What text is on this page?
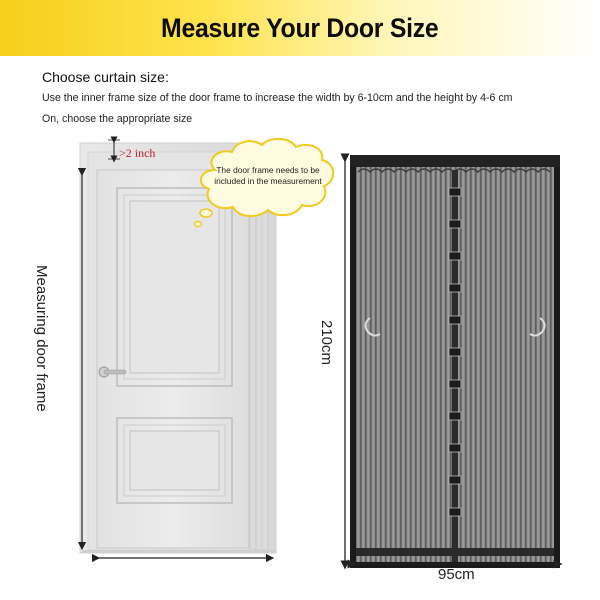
Measure Your Door Size
Choose curtain size:
Use the inner frame size of the door frame to increase the width by 6-10cm and the height by 4-6 cm
On, choose the appropriate size
Measuring door frame
>2 inch
The door frame needs to be included in the measurement
210cm
95cm
